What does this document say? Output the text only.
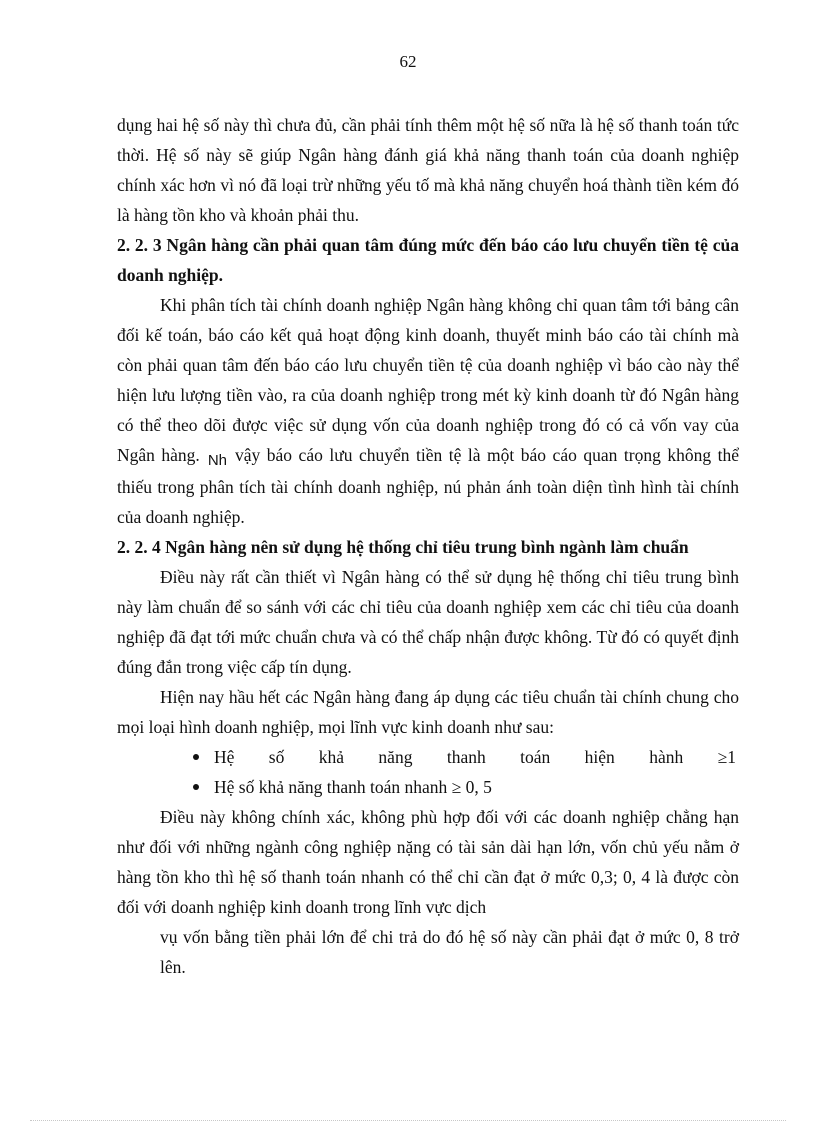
62

dụng hai hệ số này thì chưa đủ, cần phải tính thêm một hệ số nữa là hệ số thanh toán tức thời. Hệ số này sẽ giúp Ngân hàng đánh giá khả năng thanh toán của doanh nghiệp chính xác hơn vì nó đã loại trừ những yếu tố mà khả năng chuyển hoá thành tiền kém đó là hàng tồn kho và khoản phải thu.

2. 2. 3 Ngân hàng cần phải quan tâm đúng mức đến báo cáo lưu chuyển tiền tệ của doanh nghiệp.

Khi phân tích tài chính doanh nghiệp Ngân hàng không chỉ quan tâm tới bảng cân đối kế toán, báo cáo kết quả hoạt động kinh doanh, thuyết minh báo cáo tài chính mà còn phải quan tâm đến báo cáo lưu chuyển tiền tệ của doanh nghiệp vì báo cào này thể hiện lưu lượng tiền vào, ra của doanh nghiệp trong mét kỳ kinh doanh từ đó Ngân hàng có thể theo dõi được việc sử dụng vốn của doanh nghiệp trong đó có cả vốn vay của Ngân hàng. Nh vậy báo cáo lưu chuyển tiền tệ là một báo cáo quan trọng không thể thiếu trong phân tích tài chính doanh nghiệp, nú phản ánh toàn diện tình hình tài chính của doanh nghiệp.

2. 2. 4 Ngân hàng nên sử dụng hệ thống chỉ tiêu trung bình ngành làm chuẩn

Điều này rất cần thiết vì Ngân hàng có thể sử dụng hệ thống chỉ tiêu trung bình này làm chuẩn để so sánh với các chỉ tiêu của doanh nghiệp xem các chỉ tiêu của doanh nghiệp đã đạt tới mức chuẩn chưa và có thể chấp nhận được không. Từ đó có quyết định đúng đắn trong việc cấp tín dụng.

Hiện nay hầu hết các Ngân hàng đang áp dụng các tiêu chuẩn tài chính chung cho mọi loại hình doanh nghiệp, mọi lĩnh vực kinh doanh như sau:

Hệ số khả năng thanh toán hiện hành ≥1
Hệ số khả năng thanh toán nhanh ≥ 0, 5

Điều này không chính xác, không phù hợp đối với các doanh nghiệp chẳng hạn như đối với những ngành công nghiệp nặng có tài sản dài hạn lớn, vốn chủ yếu nằm ở hàng tồn kho thì hệ số thanh toán nhanh có thể chỉ cần đạt ở mức 0,3; 0, 4 là được còn đối với doanh nghiệp kinh doanh trong lĩnh vực dịch

vụ vốn bằng tiền phải lớn để chi trả do đó hệ số này cần phải đạt ở mức 0, 8 trở lên.
